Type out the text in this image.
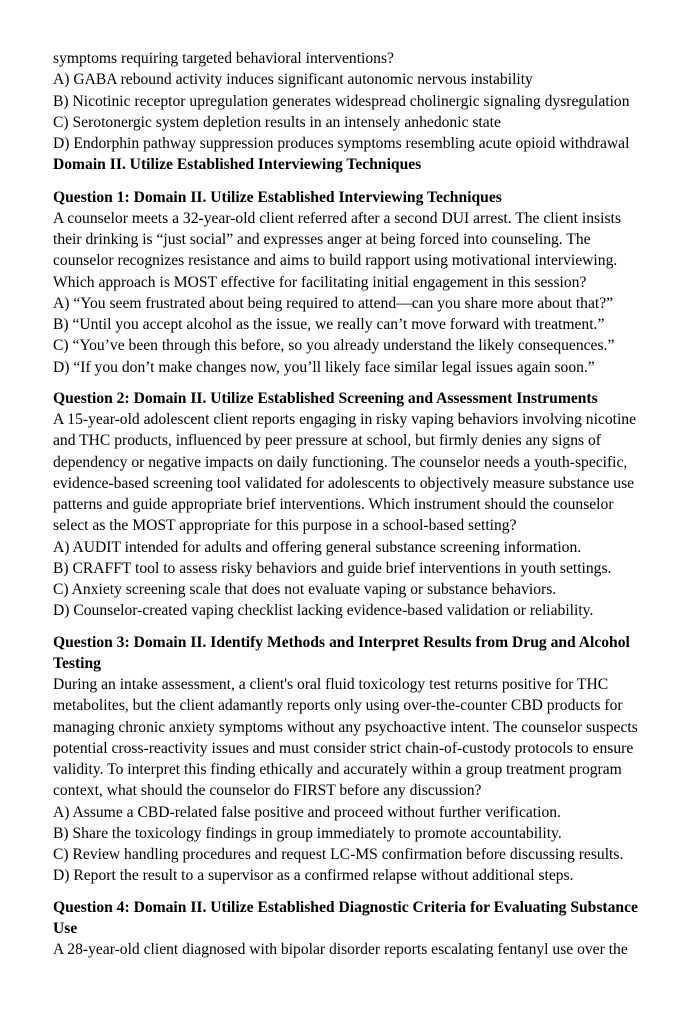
symptoms requiring targeted behavioral interventions?
A) GABA rebound activity induces significant autonomic nervous instability
B) Nicotinic receptor upregulation generates widespread cholinergic signaling dysregulation
C) Serotonergic system depletion results in an intensely anhedonic state
D) Endorphin pathway suppression produces symptoms resembling acute opioid withdrawal
Domain II. Utilize Established Interviewing Techniques
Question 1: Domain II. Utilize Established Interviewing Techniques
A counselor meets a 32-year-old client referred after a second DUI arrest. The client insists
their drinking is “just social” and expresses anger at being forced into counseling. The
counselor recognizes resistance and aims to build rapport using motivational interviewing.
Which approach is MOST effective for facilitating initial engagement in this session?
A) “You seem frustrated about being required to attend—can you share more about that?”
B) “Until you accept alcohol as the issue, we really can’t move forward with treatment.”
C) “You’ve been through this before, so you already understand the likely consequences.”
D) “If you don’t make changes now, you’ll likely face similar legal issues again soon.”
Question 2: Domain II. Utilize Established Screening and Assessment Instruments
A 15-year-old adolescent client reports engaging in risky vaping behaviors involving nicotine
and THC products, influenced by peer pressure at school, but firmly denies any signs of
dependency or negative impacts on daily functioning. The counselor needs a youth-specific,
evidence-based screening tool validated for adolescents to objectively measure substance use
patterns and guide appropriate brief interventions. Which instrument should the counselor
select as the MOST appropriate for this purpose in a school-based setting?
A) AUDIT intended for adults and offering general substance screening information.
B) CRAFFT tool to assess risky behaviors and guide brief interventions in youth settings.
C) Anxiety screening scale that does not evaluate vaping or substance behaviors.
D) Counselor-created vaping checklist lacking evidence-based validation or reliability.
Question 3: Domain II. Identify Methods and Interpret Results from Drug and Alcohol
Testing
During an intake assessment, a client's oral fluid toxicology test returns positive for THC
metabolites, but the client adamantly reports only using over-the-counter CBD products for
managing chronic anxiety symptoms without any psychoactive intent. The counselor suspects
potential cross-reactivity issues and must consider strict chain-of-custody protocols to ensure
validity. To interpret this finding ethically and accurately within a group treatment program
context, what should the counselor do FIRST before any discussion?
A) Assume a CBD-related false positive and proceed without further verification.
B) Share the toxicology findings in group immediately to promote accountability.
C) Review handling procedures and request LC-MS confirmation before discussing results.
D) Report the result to a supervisor as a confirmed relapse without additional steps.
Question 4: Domain II. Utilize Established Diagnostic Criteria for Evaluating Substance
Use
A 28-year-old client diagnosed with bipolar disorder reports escalating fentanyl use over the
